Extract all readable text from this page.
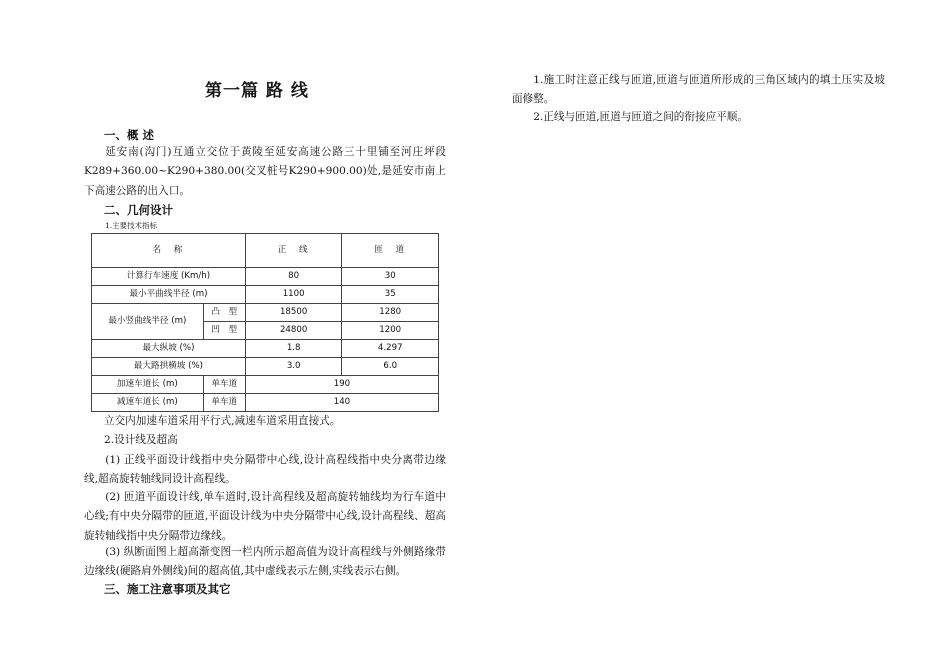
第一篇 路 线
一、概 述
延安南(沟门)互通立交位于黄陵至延安高速公路三十里铺至河庄坪段K289+360.00~K290+380.00(交叉桩号K290+900.00)处,是延安市南上下高速公路的出入口。
二、几何设计
1.主要技术指标
名　称		正　线	匝　道
计算行车速度 (Km/h)		80	30
最小平曲线半径 (m)		1100	35
最小竖曲线半径 (m)	凸　型	18500	1280
	凹　型	24800	1200
最大纵坡 (%)		1.8	4.297
最大路拱横坡 (%)		3.0	6.0
加速车道长 (m)	单车道	190	
减速车道长 (m)	单车道	140	
立交内加速车道采用平行式,减速车道采用直接式。
2.设计线及超高
(1) 正线平面设计线指中央分隔带中心线,设计高程线指中央分离带边缘线,超高旋转轴线同设计高程线。
(2) 匝道平面设计线,单车道时,设计高程线及超高旋转轴线均为行车道中心线;有中央分隔带的匝道,平面设计线为中央分隔带中心线,设计高程线、超高旋转轴线指中央分隔带边缘线。
(3) 纵断面图上超高渐变图一栏内所示超高值为设计高程线与外侧路缘带边缘线(硬路肩外侧线)间的超高值,其中虚线表示左侧,实线表示右侧。
三、施工注意事项及其它
1.施工时注意正线与匝道,匝道与匝道所形成的三角区域内的填土压实及坡面修整。
2.正线与匝道,匝道与匝道之间的衔接应平顺。
